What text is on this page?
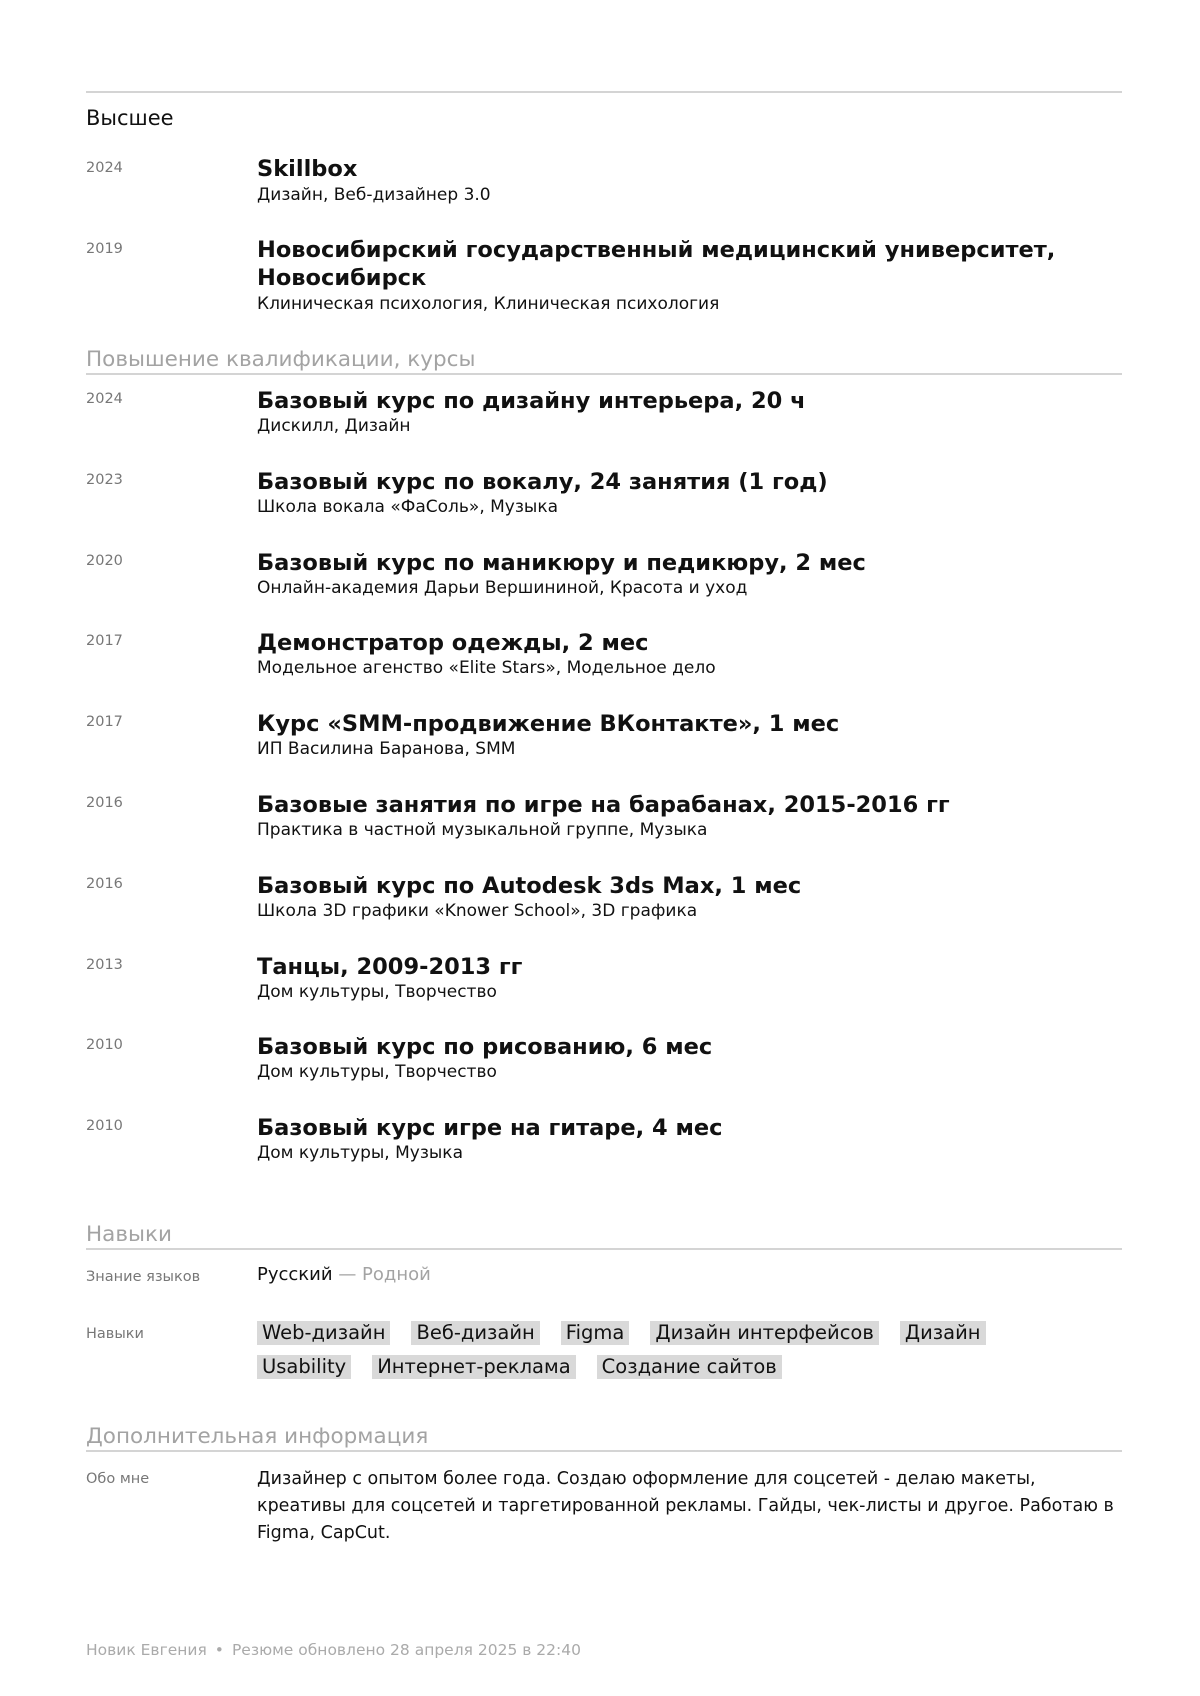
Высшее
2024	Skillbox
Дизайн, Веб-дизайнер 3.0
2019	Новосибирский государственный медицинский университет, Новосибирск
Клиническая психология, Клиническая психология
Повышение квалификации, курсы
2024	Базовый курс по дизайну интерьера, 20 ч
Дискилл, Дизайн
2023	Базовый курс по вокалу, 24 занятия (1 год)
Школа вокала «ФаСоль», Музыка
2020	Базовый курс по маникюру и педикюру, 2 мес
Онлайн-академия Дарьи Вершининой, Красота и уход
2017	Демонстратор одежды, 2 мес
Модельное агенство «Elite Stars», Модельное дело
2017	Курс «SMM-продвижение ВКонтакте», 1 мес
ИП Василина Баранова, SMM
2016	Базовые занятия по игре на барабанах, 2015-2016 гг
Практика в частной музыкальной группе, Музыка
2016	Базовый курс по Autodesk 3ds Max, 1 мес
Школа 3D графики «Knower School», 3D графика
2013	Танцы, 2009-2013 гг
Дом культуры, Творчество
2010	Базовый курс по рисованию, 6 мес
Дом культуры, Творчество
2010	Базовый курс игре на гитаре, 4 мес
Дом культуры, Музыка
Навыки
Знание языков	Русский — Родной
Навыки	Web-дизайн Веб-дизайн Figma Дизайн интерфейсов Дизайн
Usability Интернет-реклама Создание сайтов
Дополнительная информация
Обо мне	Дизайнер с опытом более года. Создаю оформление для соцсетей - делаю макеты, креативы для соцсетей и таргетированной рекламы. Гайды, чек-листы и другое. Работаю в Figma, CapCut.
Новик Евгения • Резюме обновлено 28 апреля 2025 в 22:40
